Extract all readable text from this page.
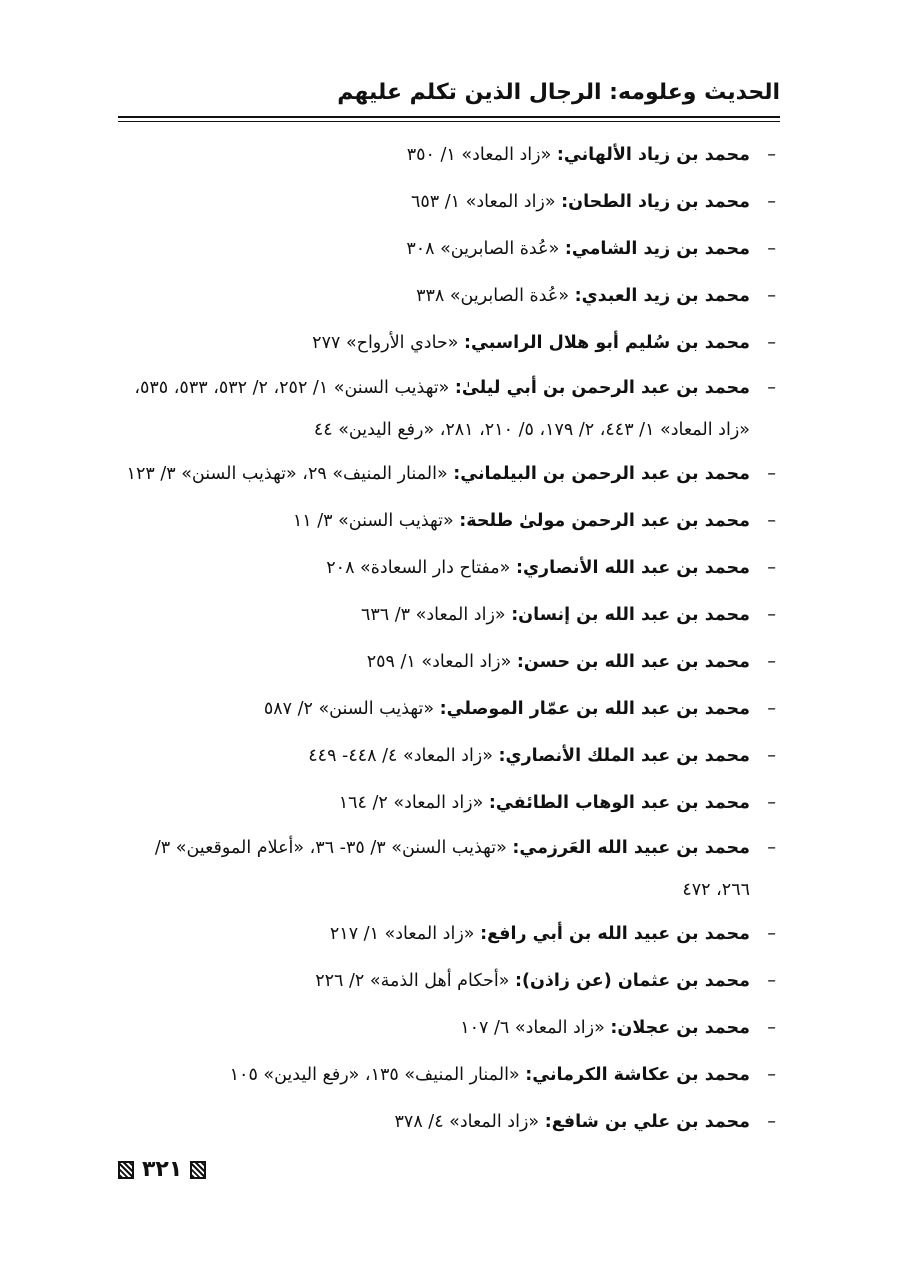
الحديث وعلومه: الرجال الذين تكلم عليهم
–
محمد بن زياد الألهاني: «زاد المعاد» ١/ ٣٥٠
–
محمد بن زياد الطحان: «زاد المعاد» ١/ ٦٥٣
–
محمد بن زيد الشامي: «عُدة الصابرين» ٣٠٨
–
محمد بن زيد العبدي: «عُدة الصابرين» ٣٣٨
–
محمد بن سُليم أبو هلال الراسبي: «حادي الأرواح» ٢٧٧
–
محمد بن عبد الرحمن بن أبي ليلىٰ: «تهذيب السنن» ١/ ٢٥٢، ٢/ ٥٣٢، ٥٣٣، ٥٣٥، «زاد المعاد» ١/ ٤٤٣، ٢/ ١٧٩، ٥/ ٢١٠، ٢٨١، «رفع اليدين» ٤٤
–
محمد بن عبد الرحمن بن البيلماني: «المنار المنيف» ٢٩، «تهذيب السنن» ٣/ ١٢٣
–
محمد بن عبد الرحمن مولىٰ طلحة: «تهذيب السنن» ٣/ ١١
–
محمد بن عبد الله الأنصاري: «مفتاح دار السعادة» ٢٠٨
–
محمد بن عبد الله بن إنسان: «زاد المعاد» ٣/ ٦٣٦
–
محمد بن عبد الله بن حسن: «زاد المعاد» ١/ ٢٥٩
–
محمد بن عبد الله بن عمّار الموصلي: «تهذيب السنن» ٢/ ٥٨٧
–
محمد بن عبد الملك الأنصاري: «زاد المعاد» ٤/ ٤٤٨- ٤٤٩
–
محمد بن عبد الوهاب الطائفي: «زاد المعاد» ٢/ ١٦٤
–
محمد بن عبيد الله العَرزمي: «تهذيب السنن» ٣/ ٣٥- ٣٦، «أعلام الموقعين» ٣/ ٢٦٦، ٤٧٢
–
محمد بن عبيد الله بن أبي رافع: «زاد المعاد» ١/ ٢١٧
–
محمد بن عثمان (عن زاذن): «أحكام أهل الذمة» ٢/ ٢٢٦
–
محمد بن عجلان: «زاد المعاد» ٦/ ١٠٧
–
محمد بن عكاشة الكرماني: «المنار المنيف» ١٣٥، «رفع اليدين» ١٠٥
–
محمد بن علي بن شافع: «زاد المعاد» ٤/ ٣٧٨
٣٢١
